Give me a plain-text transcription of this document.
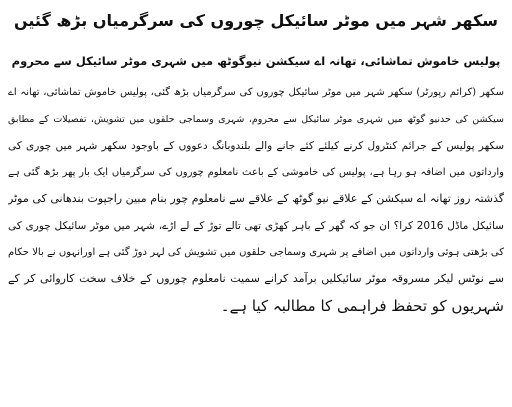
سکھر شہر میں موٹر سائیکل چوروں کی سرگرمیاں بڑھ گئیں
پولیس خاموش تماشائی، تھانہ اے سیکشن نیوگوٹھ میں شہری موٹر سائیکل سے محروم
سکھر (کرائم رپورٹر) سکھر شہر میں موٹر سائیکل چوروں کی سرگرمیاں بڑھ گئی، پولیس خاموش تماشائی، تھانہ اے
سیکشن کی حدنیو گوٹھ میں شہری موٹر سائیکل سے محروم، شہری وسماجی حلقوں میں تشویش، تفصیلات کے مطابق
سکھر پولیس کے جرائم کنٹرول کرنے کیلئے کئے جانے والے بلندوبانگ دعووں کے باوجود سکھر شہر میں چوری کی
وارداتوں میں اضافہ ہو رہا ہے، پولیس کی خاموشی کے باعث نامعلوم چوروں کی سرگرمیاں ایک بار پھر بڑھ گئی ہے
گذشتہ روز تھانہ اے سیکشن کے علاقے نیو گوٹھ کے علاقے سے نامعلوم چور بنام مبین راجپوت بندھانی کی موٹر
سائیکل ماڈل 2016 کرا؟ ان جو کہ گھر کے باہر کھڑی تھی تالے توڑ کے لے اڑے، شہر میں موٹر سائیکل چوری کی
کی بڑھتی ہوئی وارداتوں میں اضافے پر شہری وسماجی حلقوں میں تشویش کی لہر دوڑ گئی ہے اورانہوں نے بالا حکام
سے نوٹس لیکر مسروقہ موٹر سائیکلیں برآمد کرانے سمیت نامعلوم چوروں کے خلاف سخت کاروائی کر کے
شہریوں کو تحفظ فراہمی کا مطالبہ کیا ہے۔
